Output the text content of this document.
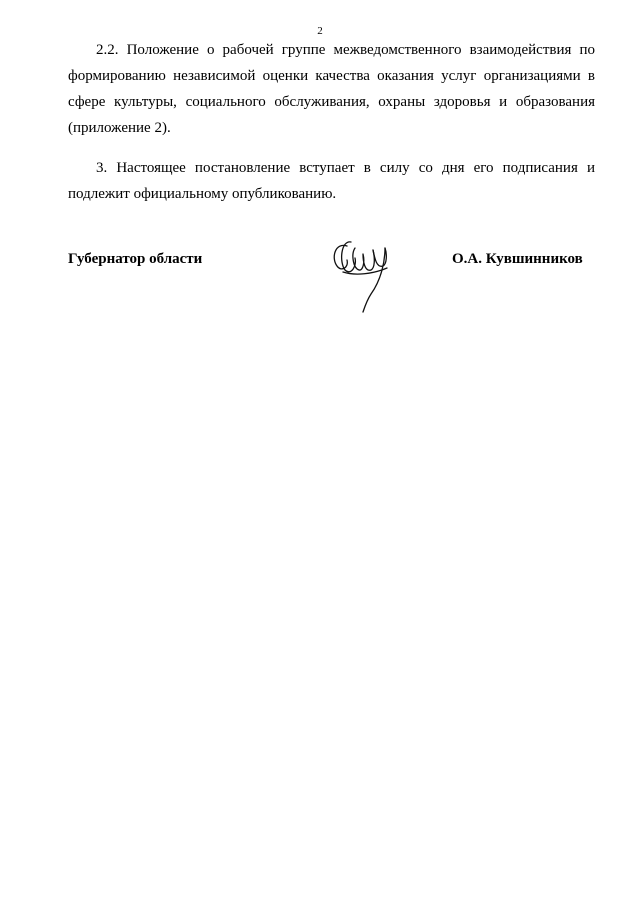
2

2.2. Положение о рабочей группе межведомственного взаимодействия по формированию независимой оценки качества оказания услуг организациями в сфере культуры, социального обслуживания, охраны здоровья и образования (приложение 2).

3. Настоящее постановление вступает в силу со дня его подписания и подлежит официальному опубликованию.

Губернатор области	О.А. Кувшинников
